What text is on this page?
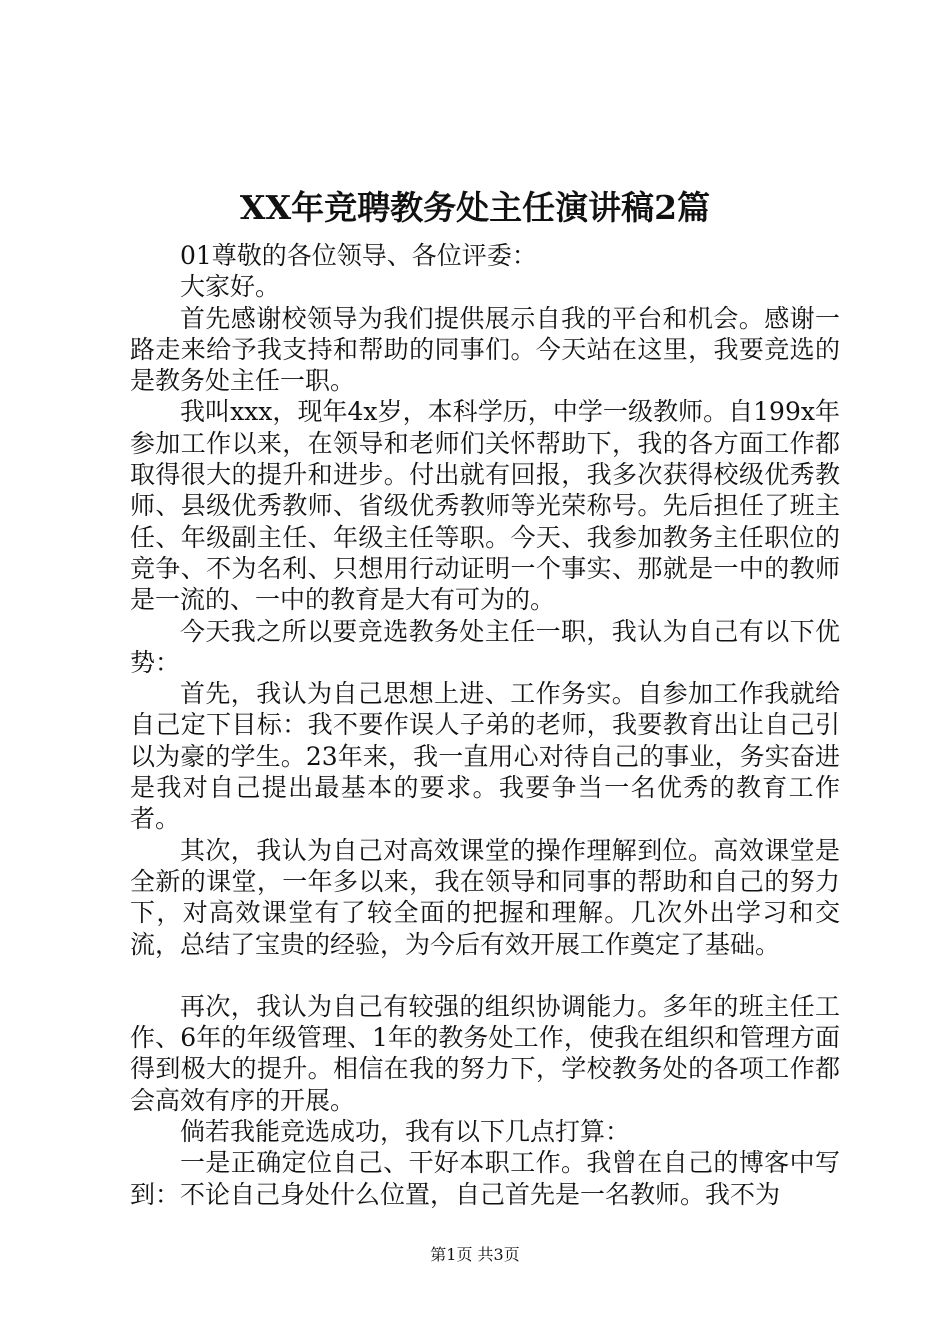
XX年竞聘教务处主任演讲稿2篇

01尊敬的各位领导、各位评委：

大家好。

首先感谢校领导为我们提供展示自我的平台和机会。感谢一路走来给予我支持和帮助的同事们。今天站在这里，我要竞选的是教务处主任一职。

我叫xxx，现年4x岁，本科学历，中学一级教师。自199x年参加工作以来，在领导和老师们关怀帮助下，我的各方面工作都取得很大的提升和进步。付出就有回报，我多次获得校级优秀教师、县级优秀教师、省级优秀教师等光荣称号。先后担任了班主任、年级副主任、年级主任等职。今天、我参加教务主任职位的竞争、不为名利、只想用行动证明一个事实、那就是一中的教师是一流的、一中的教育是大有可为的。

今天我之所以要竞选教务处主任一职，我认为自己有以下优势：

首先，我认为自己思想上进、工作务实。自参加工作我就给自己定下目标：我不要作误人子弟的老师，我要教育出让自己引以为豪的学生。23年来，我一直用心对待自己的事业，务实奋进是我对自己提出最基本的要求。我要争当一名优秀的教育工作者。

其次，我认为自己对高效课堂的操作理解到位。高效课堂是全新的课堂，一年多以来，我在领导和同事的帮助和自己的努力下，对高效课堂有了较全面的把握和理解。几次外出学习和交流，总结了宝贵的经验，为今后有效开展工作奠定了基础。

再次，我认为自己有较强的组织协调能力。多年的班主任工作、6年的年级管理、1年的教务处工作，使我在组织和管理方面得到极大的提升。相信在我的努力下，学校教务处的各项工作都会高效有序的开展。

倘若我能竞选成功，我有以下几点打算：

一是正确定位自己、干好本职工作。我曾在自己的博客中写到：不论自己身处什么位置，自己首先是一名教师。我不为

第1页 共3页
